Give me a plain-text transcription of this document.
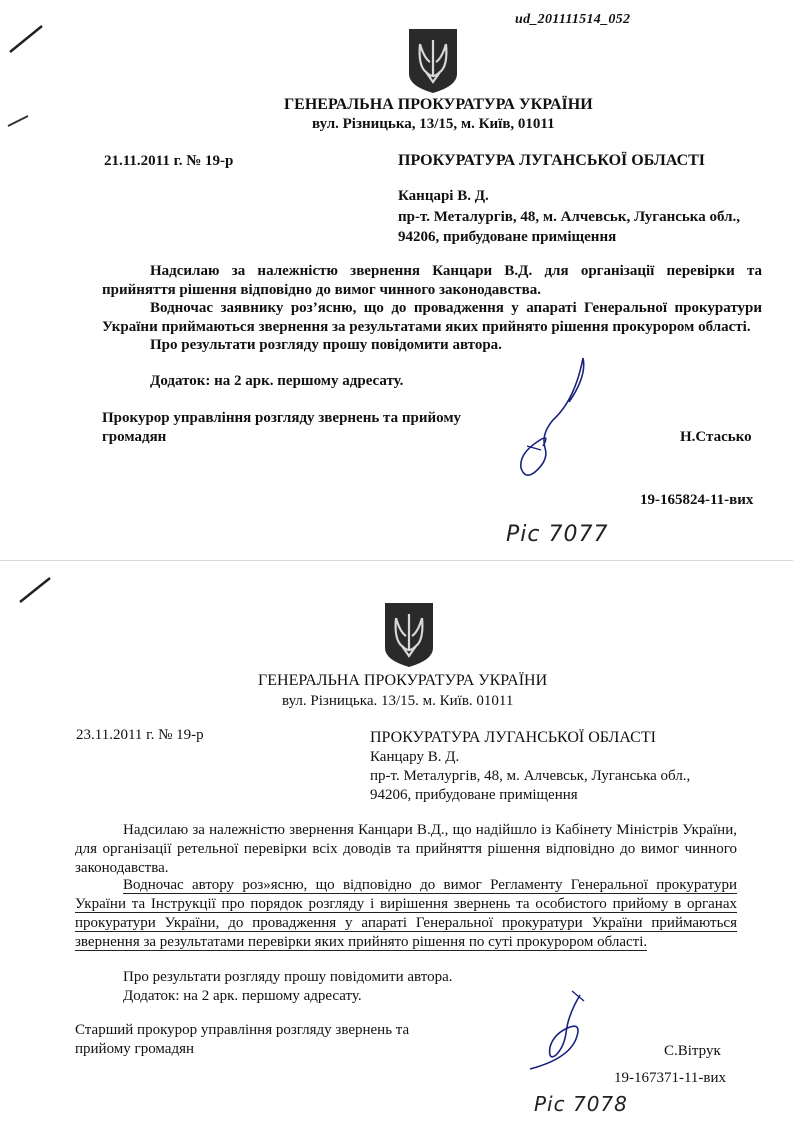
ud_201111514_052
ГЕНЕРАЛЬНА ПРОКУРАТУРА УКРАЇНИ
вул. Різницька, 13/15, м. Київ, 01011
21.11.2011 г. № 19-р	ПРОКУРАТУРА ЛУГАНСЬКОЇ ОБЛАСТІ
Канцарі В. Д.
пр-т. Металургів, 48, м. Алчевськ, Луганська обл.,
94206, прибудоване приміщення
Надсилаю за належністю звернення Канцари В.Д. для організації перевірки та прийняття рішення відповідно до вимог чинного законодавства.
Водночас заявнику роз’ясню, що до провадження у апараті Генеральної прокуратури України приймаються звернення за результатами яких прийнято рішення прокурором області.
Про результати розгляду прошу повідомити автора.
Додаток: на 2 арк. першому адресату.
Прокурор управління розгляду звернень та прийому
громадян	Н.Стасько
19-165824-11-вих
Pic 7077
ГЕНЕРАЛЬНА ПРОКУРАТУРА УКРАЇНИ
вул. Різницька. 13/15. м. Київ. 01011
23.11.2011 г. № 19-р	ПРОКУРАТУРА ЛУГАНСЬКОЇ ОБЛАСТІ
Канцару В. Д.
пр-т. Металургів, 48, м. Алчевськ, Луганська обл.,
94206, прибудоване приміщення
Надсилаю за належністю звернення Канцари В.Д., що надійшло із Кабінету Міністрів України, для організації ретельної перевірки всіх доводів та прийняття рішення відповідно до вимог чинного законодавства.
Водночас автору роз»ясню, що відповідно до вимог Регламенту Генеральної прокуратури України та Інструкції про порядок розгляду і вирішення звернень та особистого прийому в органах прокуратури України, до провадження у апараті Генеральної прокуратури України приймаються звернення за результатами перевірки яких прийнято рішення по суті прокурором області.
Про результати розгляду прошу повідомити автора.
Додаток: на 2 арк. першому адресату.
Старший прокурор управління розгляду звернень та
прийому громадян	С.Вітрук
19-167371-11-вих
Pic 7078
